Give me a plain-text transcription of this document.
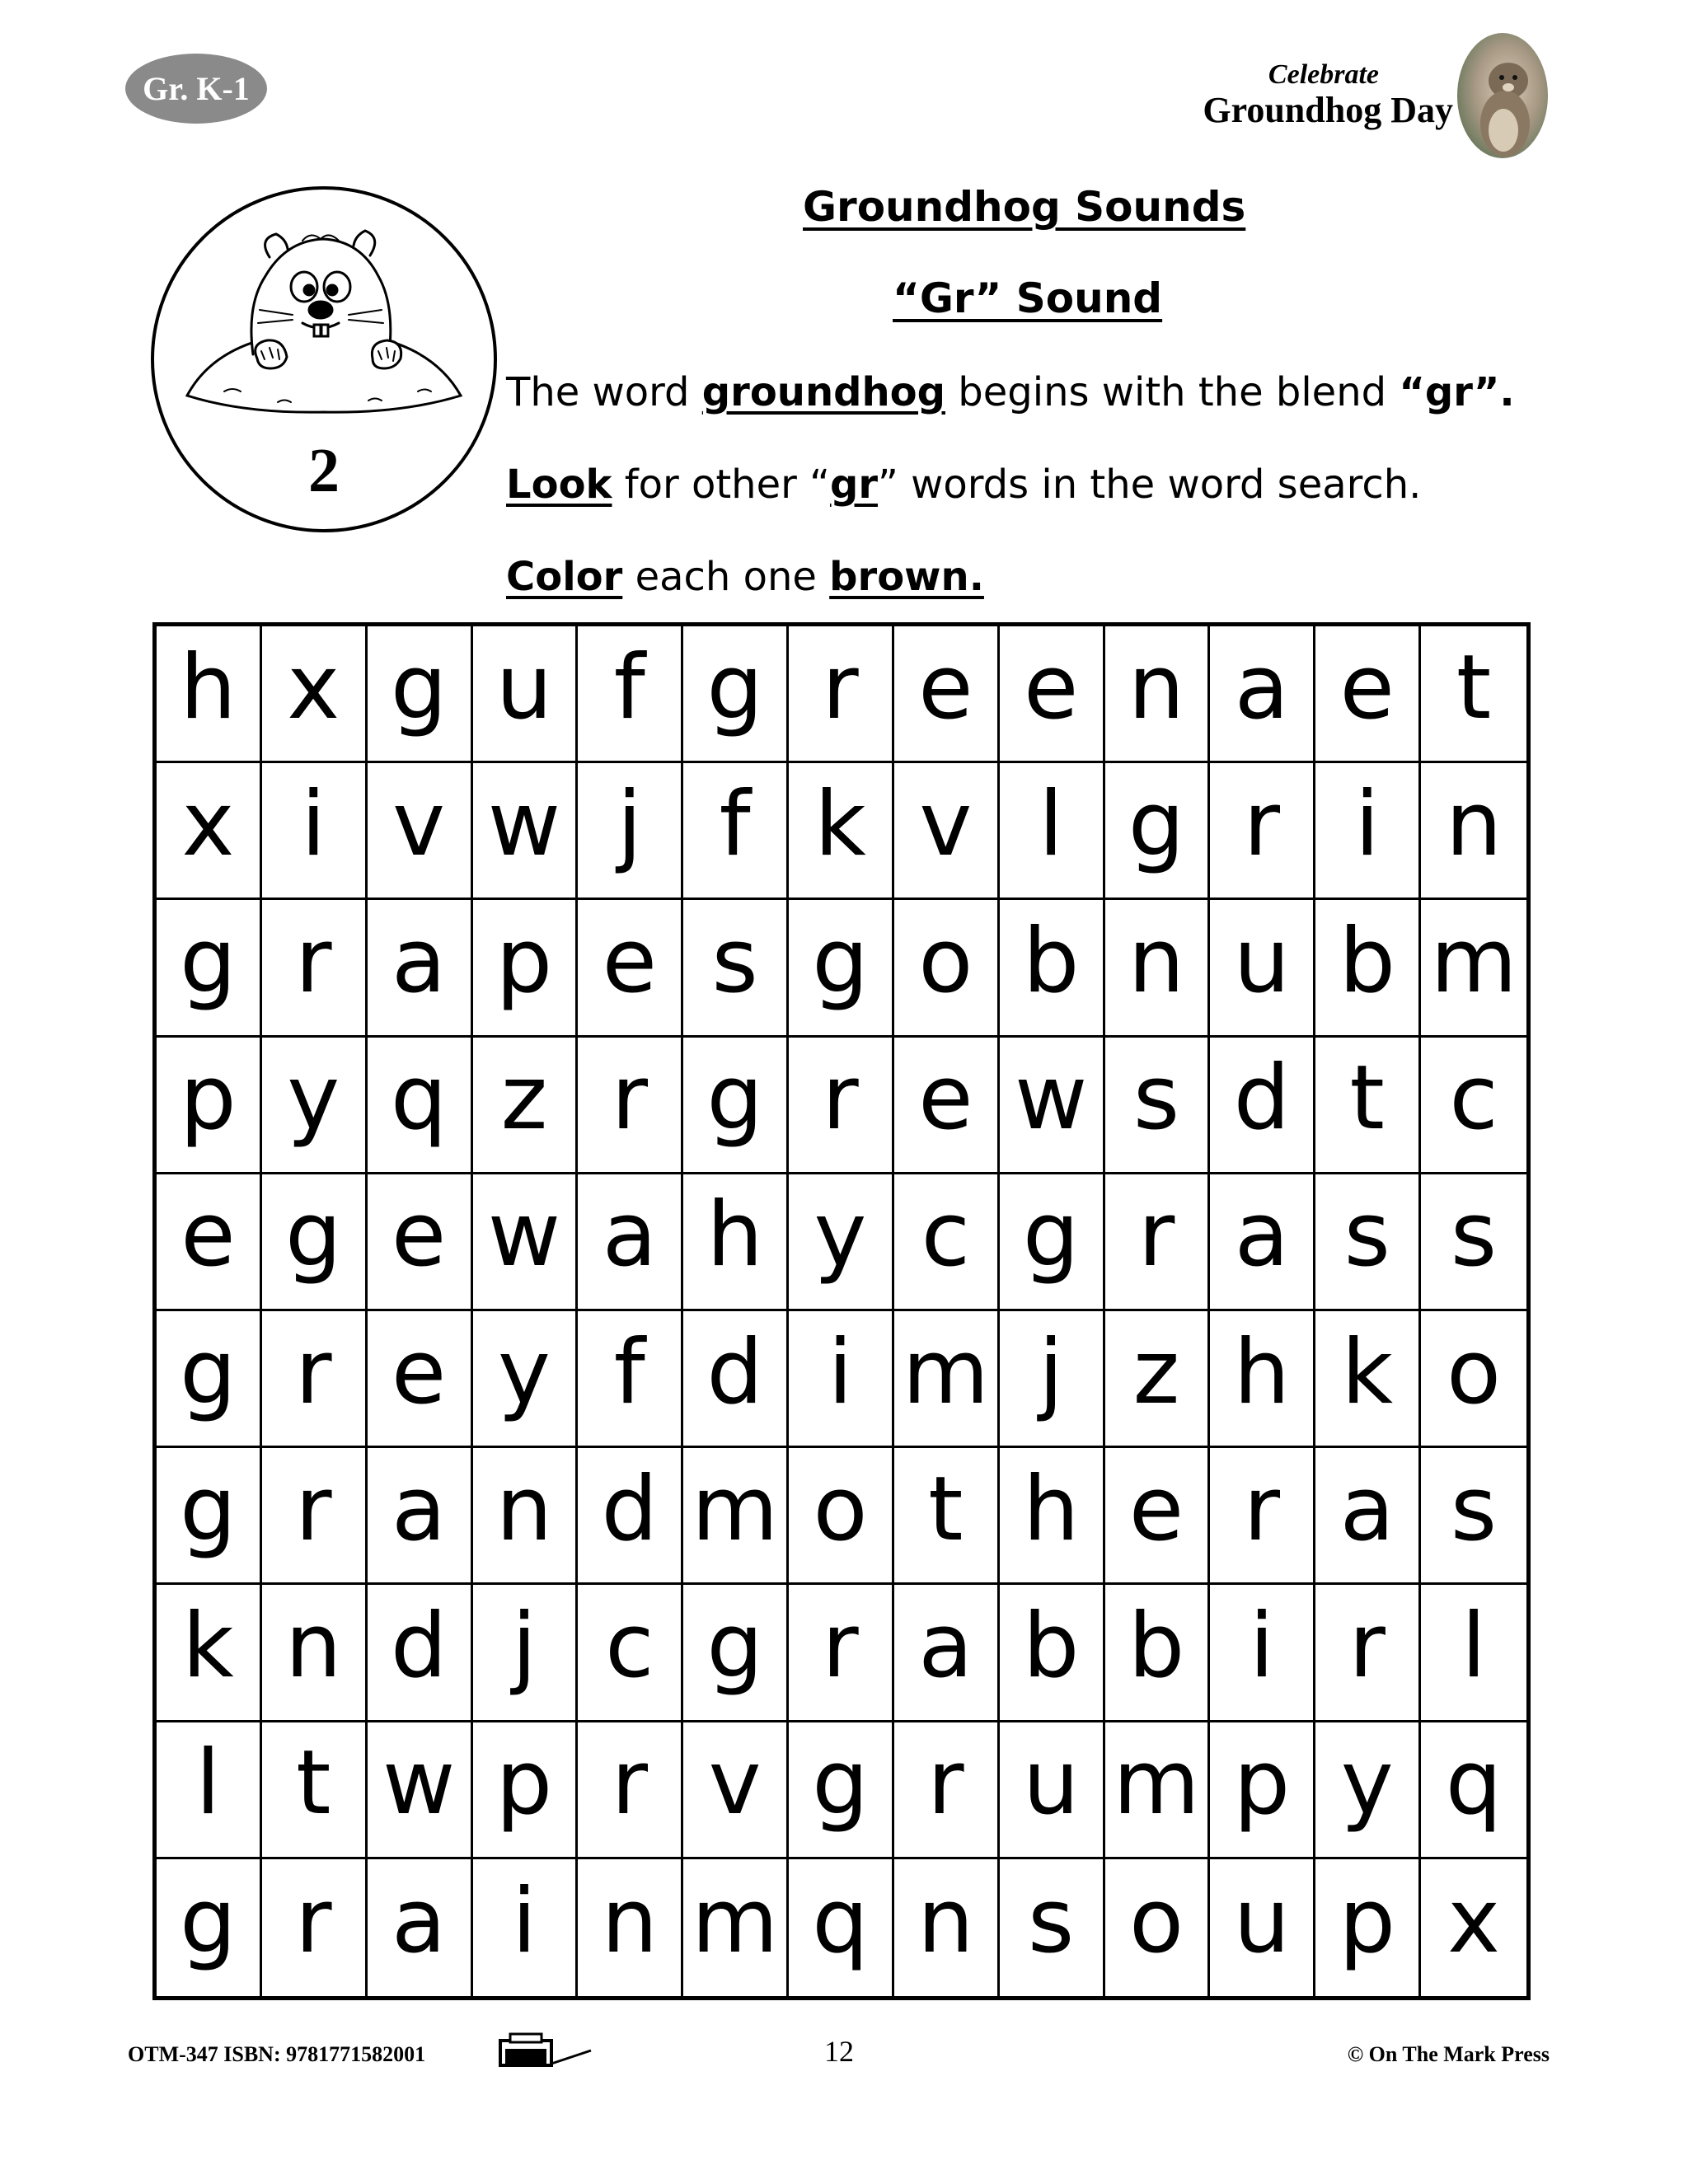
Gr. K-1	Celebrate
Groundhog Day
2
Groundhog Sounds
“Gr” Sound
The word groundhog begins with the blend “gr”.
Look for other “gr” words in the word search.
Color each one brown.
h x g u f g r e e n a e t
x i v w j f k v l g r i n
g r a p e s g o b n u b m
p y q z r g r e w s d t c
e g e w a h y c g r a s s
g r e y f d i m j z h k o
g r a n d m o t h e r a s
k n d j c g r a b b i r l
l t w p r v g r u m p y q
g r a i n m q n s o u p x
OTM-347 ISBN: 9781771582001	12	© On The Mark Press
